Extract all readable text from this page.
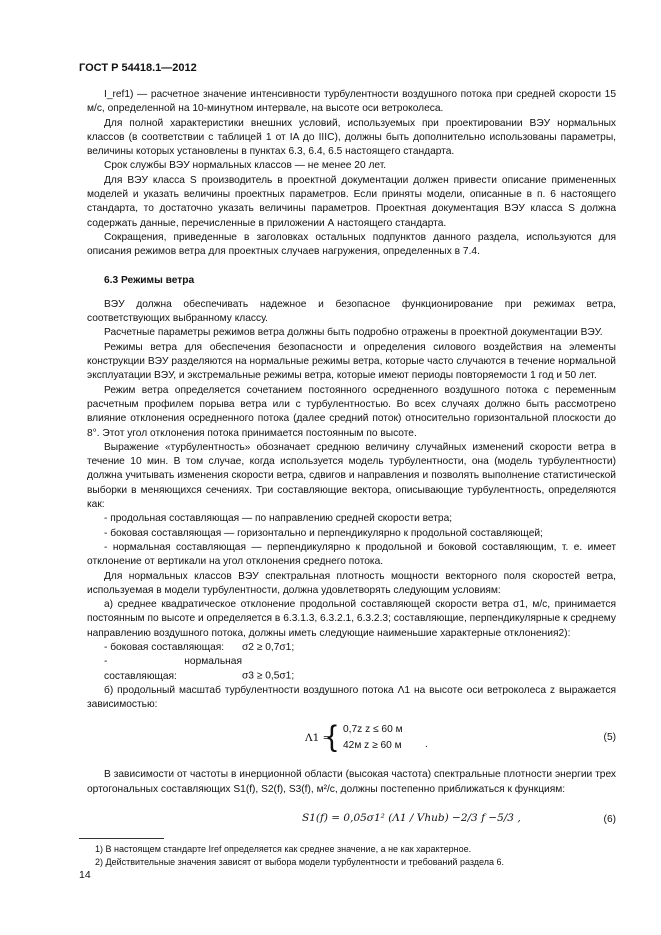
ГОСТ Р 54418.1—2012
I_ref1) — расчетное значение интенсивности турбулентности воздушного потока при средней скорости 15 м/с, определенной на 10-минутном интервале, на высоте оси ветроколеса.
Для полной характеристики внешних условий, используемых при проектировании ВЭУ нормальных классов (в соответствии с таблицей 1 от IA до IIIC), должны быть дополнительно использованы параметры, величины которых установлены в пунктах 6.3, 6.4, 6.5 настоящего стандарта.
Срок службы ВЭУ нормальных классов — не менее 20 лет.
Для ВЭУ класса S производитель в проектной документации должен привести описание примененных моделей и указать величины проектных параметров. Если приняты модели, описанные в п. 6 настоящего стандарта, то достаточно указать величины параметров. Проектная документация ВЭУ класса S должна содержать данные, перечисленные в приложении А настоящего стандарта.
Сокращения, приведенные в заголовках остальных подпунктов данного раздела, используются для описания режимов ветра для проектных случаев нагружения, определенных в 7.4.
6.3 Режимы ветра
ВЭУ должна обеспечивать надежное и безопасное функционирование при режимах ветра, соответствующих выбранному классу.
Расчетные параметры режимов ветра должны быть подробно отражены в проектной документации ВЭУ.
Режимы ветра для обеспечения безопасности и определения силового воздействия на элементы конструкции ВЭУ разделяются на нормальные режимы ветра, которые часто случаются в течение нормальной эксплуатации ВЭУ, и экстремальные режимы ветра, которые имеют периоды повторяемости 1 год и 50 лет.
Режим ветра определяется сочетанием постоянного осредненного воздушного потока с переменным расчетным профилем порыва ветра или с турбулентностью. Во всех случаях должно быть рассмотрено влияние отклонения осредненного потока (далее средний поток) относительно горизонтальной плоскости до 8°. Этот угол отклонения потока принимается постоянным по высоте.
Выражение «турбулентность» обозначает среднюю величину случайных изменений скорости ветра в течение 10 мин. В том случае, когда используется модель турбулентности, она (модель турбулентности) должна учитывать изменения скорости ветра, сдвигов и направления и позволять выполнение статистической выборки в меняющихся сечениях. Три составляющие вектора, описывающие турбулентность, определяются как:
- продольная составляющая — по направлению средней скорости ветра;
- боковая составляющая — горизонтально и перпендикулярно к продольной составляющей;
- нормальная составляющая — перпендикулярно к продольной и боковой составляющим, т. е. имеет отклонение от вертикали на угол отклонения среднего потока.
Для нормальных классов ВЭУ спектральная плотность мощности векторного поля скоростей ветра, используемая в модели турбулентности, должна удовлетворять следующим условиям:
а) среднее квадратическое отклонение продольной составляющей скорости ветра σ1, м/с, принимается постоянным по высоте и определяется в 6.3.1.3, 6.3.2.1, 6.3.2.3; составляющие, перпендикулярные к среднему направлению воздушного потока, должны иметь следующие наименьшие характерные отклонения2):
- боковая составляющая: σ2 ≥ 0,7σ1;
- нормальная составляющая:	σ3 ≥ 0,5σ1;
б) продольный масштаб турбулентности воздушного потока Λ1 на высоте оси ветроколеса z выражается зависимостью:
Λ1 =
{ 0,7z z ≤ 60 м
42м z ≥ 60 м .
(5)
В зависимости от частоты в инерционной области (высокая частота) спектральные плотности энергии трех ортогональных составляющих S1(f), S2(f), S3(f), м²/с, должны постепенно приближаться к функциям:
S1(f) = 0,05σ1² (Λ1 / Vhub) −2/3 f −5/3 ,	(6)
1) В настоящем стандарте Iref определяется как среднее значение, а не как характерное.
2) Действительные значения зависят от выбора модели турбулентности и требований раздела 6.
14
